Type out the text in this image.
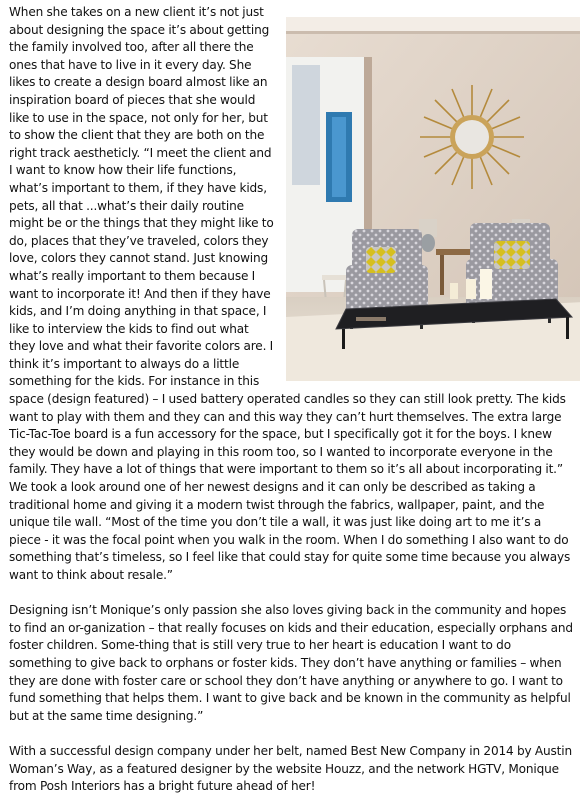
When she takes on a new client it’s not just about designing the space it’s about getting the family involved too, after all there the ones that have to live in it every day. She likes to create a design board almost like an inspiration board of pieces that she would like to use in the space, not only for her, but to show the client that they are both on the right track aestheticly. “I meet the client and I want to know how their life functions, what’s important to them, if they have kids, pets, all that ...what’s their daily routine might be or the things that they might like to do, places that they’ve traveled, colors they love, colors they cannot stand. Just knowing what’s really important to them because I want to incorporate it! And then if they have kids, and I’m doing anything in that space, I like to interview the kids to find out what they love and what their favorite colors are. I think it’s important to always do a little something for the kids. For instance in this space (design featured) – I used battery operated candles so they can still look pretty. The kids want to play with them and they can and this way they can’t hurt themselves. The extra large Tic-Tac-Toe board is a fun accessory for the space, but I specifically got it for the boys. I knew they would be down and playing in this room too, so I wanted to incorporate everyone in the family. They have a lot of things that were important to them so it’s all about incorporating it.” We took a look around one of her newest designs and it can only be described as taking a traditional home and giving it a modern twist through the fabrics, wallpaper, paint, and the unique tile wall. “Most of the time you don’t tile a wall, it was just like doing art to me it’s a piece - it was the focal point when you walk in the room. When I do something I also want to do something that’s timeless, so I feel like that could stay for quite some time because you always want to think about resale.”

Designing isn’t Monique’s only passion she also loves giving back in the community and hopes to find an or-ganization – that really focuses on kids and their education, especially orphans and foster children. Some-thing that is still very true to her heart is education I want to do something to give back to orphans or foster kids. They don’t have anything or families – when they are done with foster care or school they don’t have anything or anywhere to go. I want to fund something that helps them. I want to give back and be known in the community as helpful but at the same time designing.”

With a successful design company under her belt, named Best New Company in 2014 by Austin Woman’s Way, as a featured designer by the website Houzz, and the network HGTV, Monique from Posh Interiors has a bright future ahead of her!
